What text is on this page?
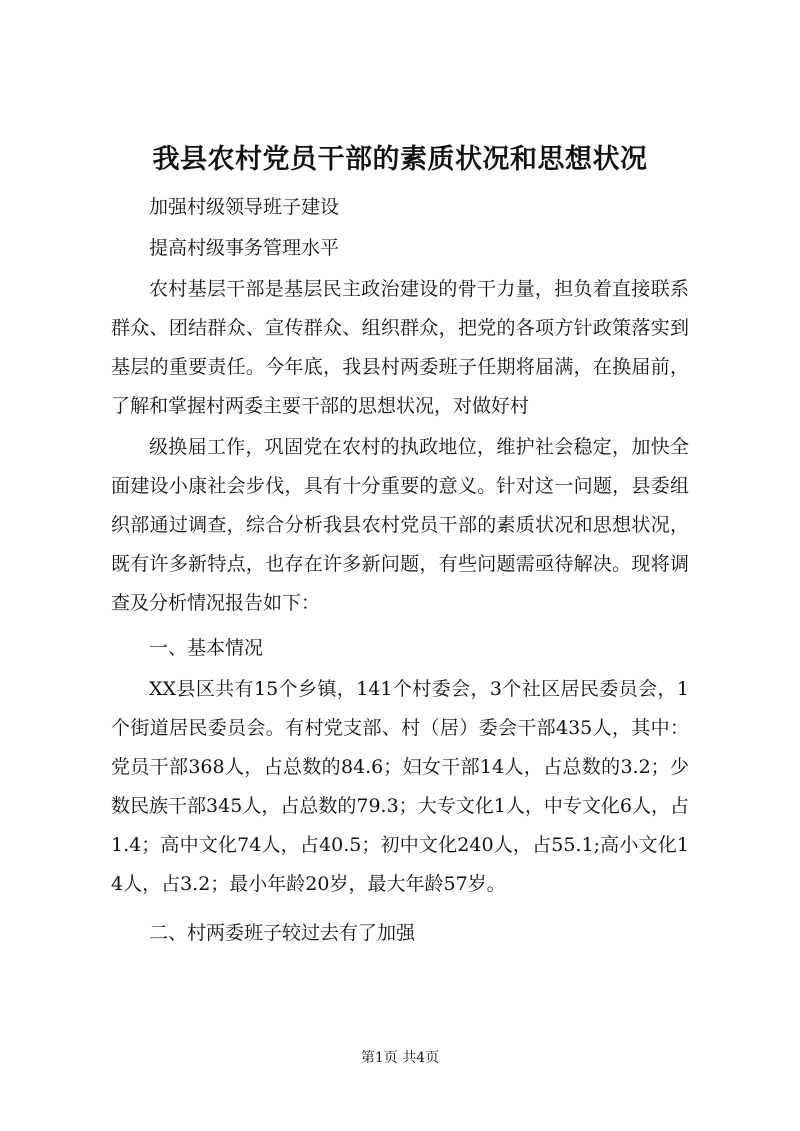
我县农村党员干部的素质状况和思想状况

加强村级领导班子建设

提高村级事务管理水平

农村基层干部是基层民主政治建设的骨干力量，担负着直接联系群众、团结群众、宣传群众、组织群众，把党的各项方针政策落实到基层的重要责任。今年底，我县村两委班子任期将届满，在换届前，了解和掌握村两委主要干部的思想状况，对做好村

级换届工作，巩固党在农村的执政地位，维护社会稳定，加快全面建设小康社会步伐，具有十分重要的意义。针对这一问题，县委组织部通过调查，综合分析我县农村党员干部的素质状况和思想状况，既有许多新特点，也存在许多新问题，有些问题需亟待解决。现将调查及分析情况报告如下：

一、基本情况

XX县区共有15个乡镇，141个村委会，3个社区居民委员会，1个街道居民委员会。有村党支部、村（居）委会干部435人，其中：党员干部368人，占总数的84.6；妇女干部14人，占总数的3.2；少数民族干部345人，占总数的79.3；大专文化1人，中专文化6人，占1.4；高中文化74人，占40.5；初中文化240人，占55.1;高小文化14人，占3.2；最小年龄20岁，最大年龄57岁。

二、村两委班子较过去有了加强

第1页 共4页
